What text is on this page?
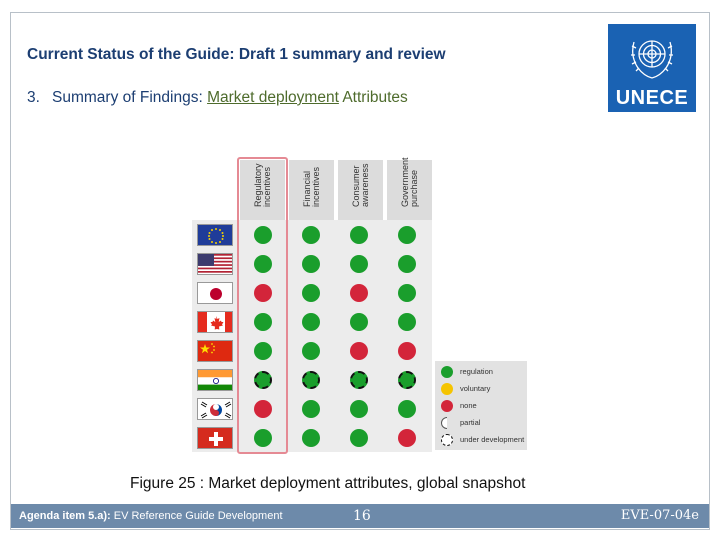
Current Status of the Guide: Draft 1 summary and review
3. Summary of Findings: Market deployment Attributes	UNECE
Regulatory incentives	Financial incentives	Consumer awareness	Government purchase
regulation
voluntary
none
partial
under development
Figure 25 : Market deployment attributes, global snapshot
Agenda item 5.a): EV Reference Guide Development	16	EVE-07-04e
